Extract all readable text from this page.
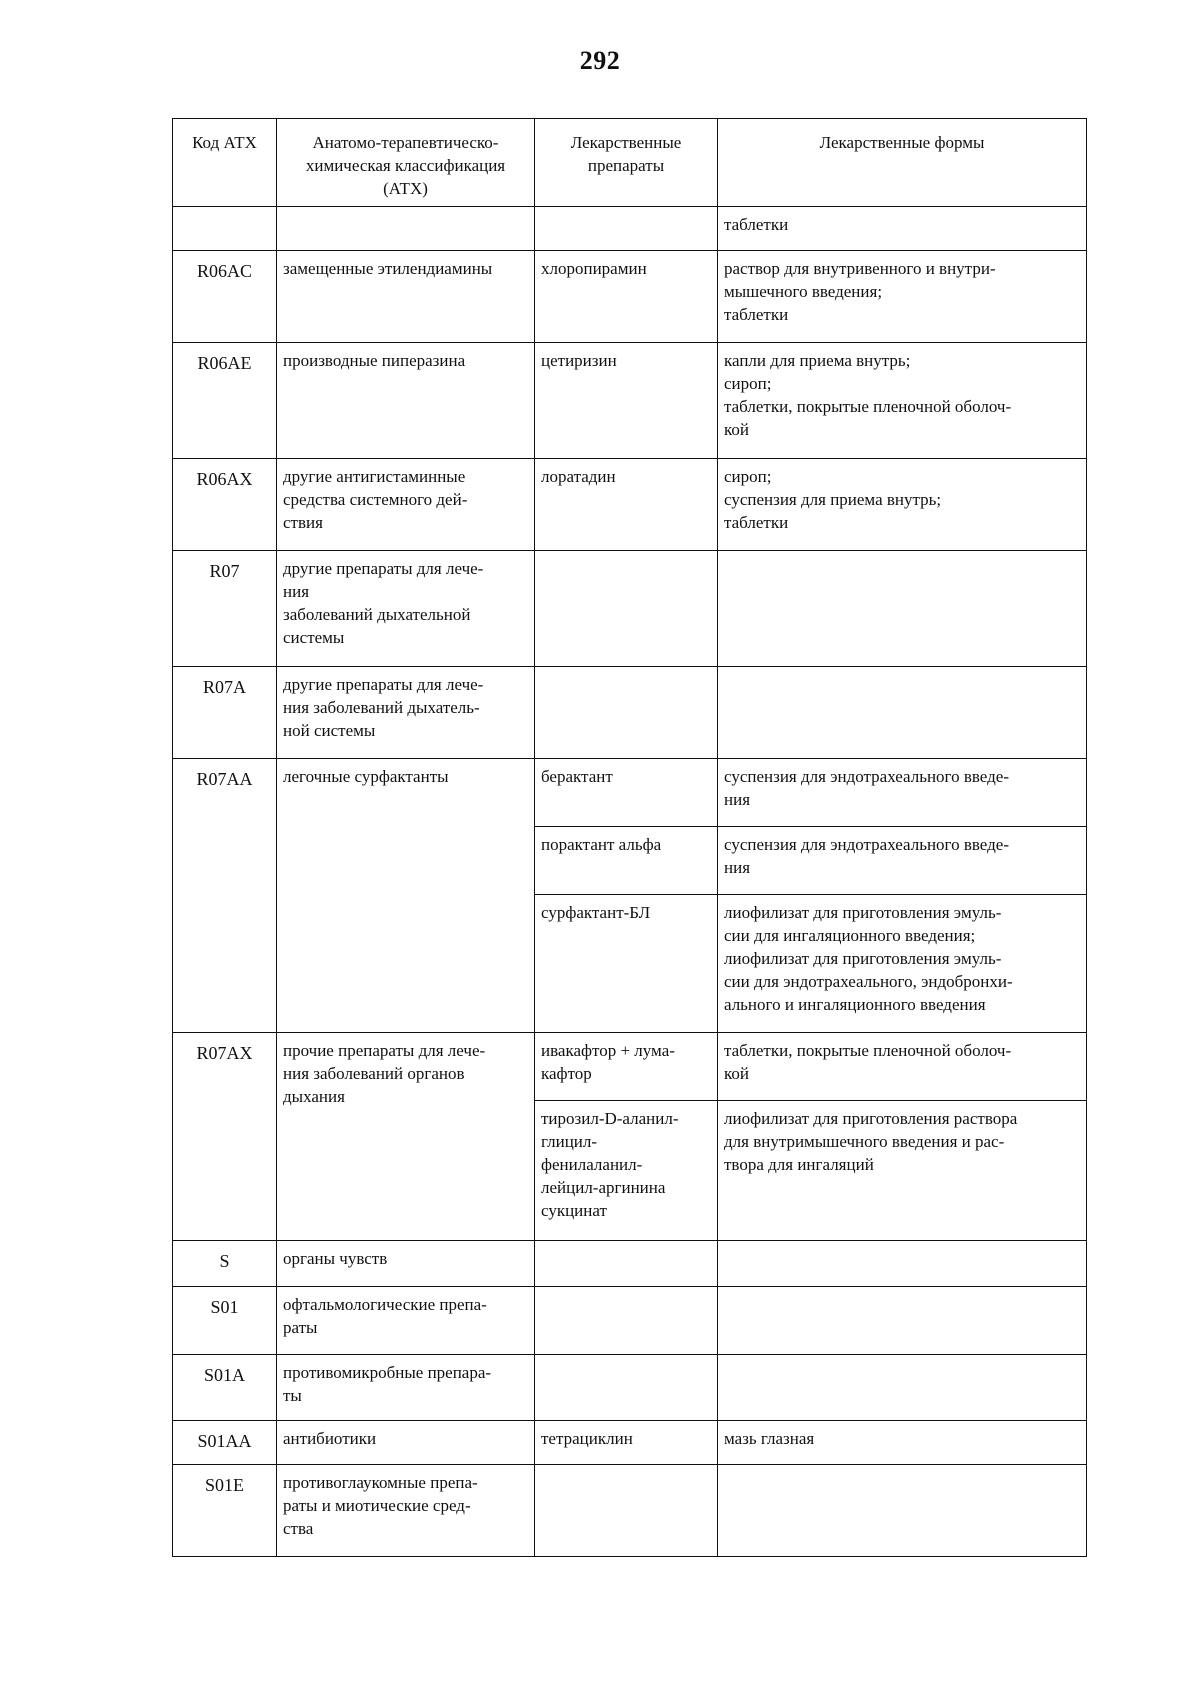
292
Код АТХ	Анатомо-терапевтическо-
химическая классификация
(АТХ)	Лекарственные
препараты	Лекарственные формы
			таблетки
R06AC	замещенные этилендиамины	хлоропирамин	раствор для внутривенного и внутри-
мышечного введения;
таблетки
R06AE	производные пиперазина	цетиризин	капли для приема внутрь;
сироп;
таблетки, покрытые пленочной оболоч-
кой
R06AX	другие антигистаминные
средства системного дей-
ствия	лоратадин	сироп;
суспензия для приема внутрь;
таблетки
R07	другие препараты для лече-
ния
заболеваний дыхательной
системы		
R07A	другие препараты для лече-
ния заболеваний дыхатель-
ной системы		
R07AA	легочные сурфактанты	берактант	суспензия для эндотрахеального введе-
ния
		порактант альфа	суспензия для эндотрахеального введе-
ния
		сурфактант-БЛ	лиофилизат для приготовления эмуль-
сии для ингаляционного введения;
лиофилизат для приготовления эмуль-
сии для эндотрахеального, эндобронхи-
ального и ингаляционного введения
R07AX	прочие препараты для лече-
ния заболеваний органов
дыхания	ивакафтор + лума-
кафтор	таблетки, покрытые пленочной оболоч-
кой
		тирозил-D-аланил-
глицил-
фенилаланил-
лейцил-аргинина
сукцинат	лиофилизат для приготовления раствора
для внутримышечного введения и рас-
твора для ингаляций
S	органы чувств		
S01	офтальмологические препа-
раты		
S01A	противомикробные препара-
ты		
S01AA	антибиотики	тетрациклин	мазь глазная
S01E	противоглаукомные препа-
раты и миотические сред-
ства		
